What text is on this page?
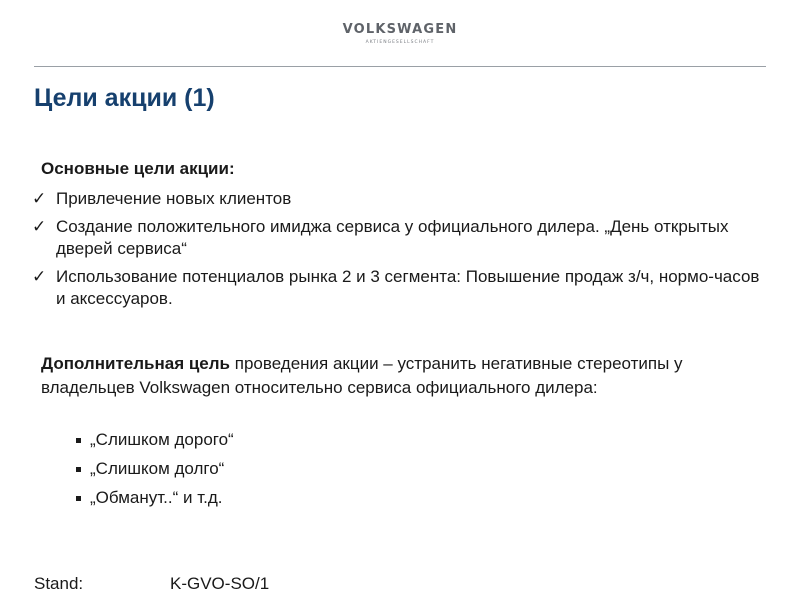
VOLKSWAGEN
AKTIENGESELLSCHAFT
Цели акции (1)
Основные цели акции:
✓ Привлечение новых клиентов
✓ Создание положительного имиджа сервиса у официального дилера. „День открытых дверей сервиса“
✓ Использование потенциалов рынка 2 и 3 сегмента: Повышение продаж з/ч, нормо-часов и аксессуаров.

Дополнительная цель проведения акции – устранить негативные стереотипы у владельцев Volkswagen относительно сервиса официального дилера:

„Слишком дорого“
„Слишком долго“
„Обманут..“ и т.д.
Stand:	K-GVO-SO/1
